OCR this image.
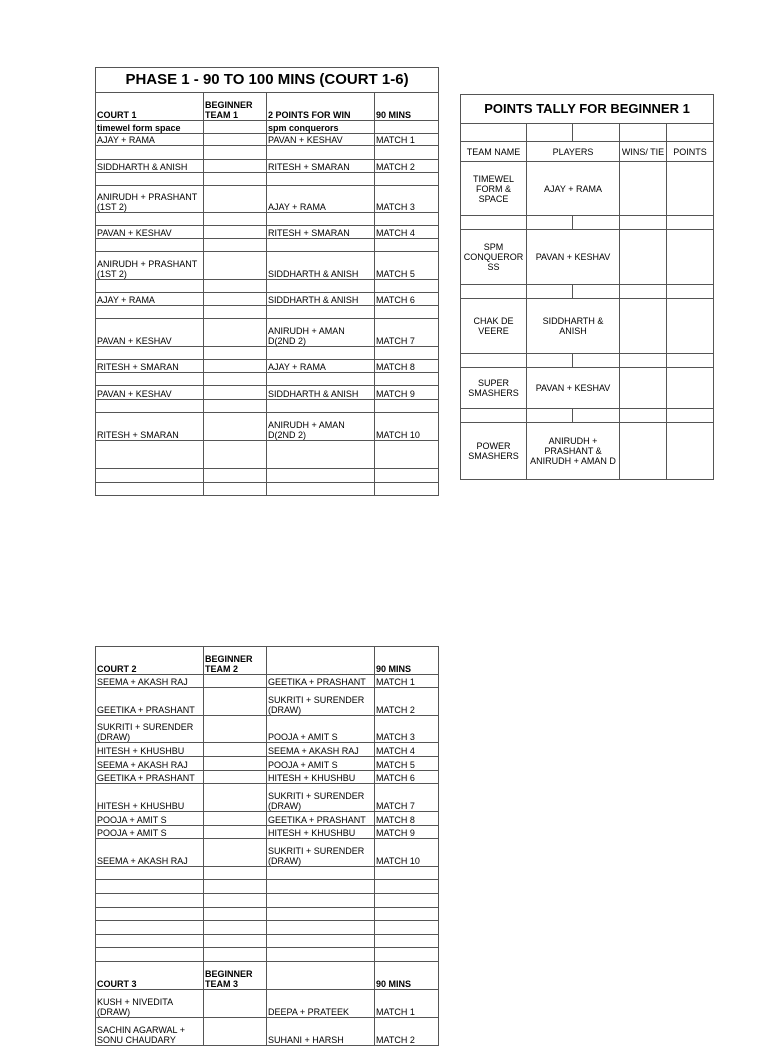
PHASE 1 - 90 TO 100 MINS (COURT 1-6)			
COURT 1	BEGINNER TEAM 1	2 POINTS FOR WIN	90 MINS
timewel form space		spm conquerors	
AJAY + RAMA		PAVAN + KESHAV	MATCH 1

SIDDHARTH & ANISH		RITESH + SMARAN	MATCH 2

ANIRUDH + PRASHANT (1ST 2)		AJAY + RAMA	MATCH 3

PAVAN + KESHAV		RITESH + SMARAN	MATCH 4

ANIRUDH + PRASHANT (1ST 2)		SIDDHARTH & ANISH	MATCH 5

AJAY + RAMA		SIDDHARTH & ANISH	MATCH 6

PAVAN + KESHAV		ANIRUDH + AMAN D(2ND 2)	MATCH 7

RITESH + SMARAN		AJAY + RAMA	MATCH 8

PAVAN + KESHAV		SIDDHARTH & ANISH	MATCH 9

RITESH + SMARAN		ANIRUDH + AMAN D(2ND 2)	MATCH 10

POINTS TALLY FOR BEGINNER 1				

TEAM NAME	PLAYERS		WINS/ TIE	POINTS
TIMEWEL FORM & SPACE	AJAY + RAMA			

SPM CONQUEROR SS	PAVAN + KESHAV			

CHAK DE VEERE	SIDDHARTH & ANISH			

SUPER SMASHERS	PAVAN + KESHAV			

POWER SMASHERS	ANIRUDH + PRASHANT & ANIRUDH + AMAN D			
COURT 2	BEGINNER TEAM 2		90 MINS
SEEMA + AKASH RAJ		GEETIKA + PRASHANT	MATCH 1
GEETIKA + PRASHANT		SUKRITI + SURENDER (DRAW)	MATCH 2
SUKRITI + SURENDER (DRAW)		POOJA + AMIT S	MATCH 3
HITESH + KHUSHBU		SEEMA + AKASH RAJ	MATCH 4
SEEMA + AKASH RAJ		POOJA + AMIT S	MATCH 5
GEETIKA + PRASHANT		HITESH + KHUSHBU	MATCH 6
HITESH + KHUSHBU		SUKRITI + SURENDER (DRAW)	MATCH 7
POOJA + AMIT S		GEETIKA + PRASHANT	MATCH 8
POOJA + AMIT S		HITESH + KHUSHBU	MATCH 9
SEEMA + AKASH RAJ		SUKRITI + SURENDER (DRAW)	MATCH 10

COURT 3	BEGINNER TEAM 3		90 MINS
KUSH + NIVEDITA (DRAW)		DEEPA + PRATEEK	MATCH 1
SACHIN AGARWAL + SONU CHAUDARY		SUHANI + HARSH	MATCH 2
